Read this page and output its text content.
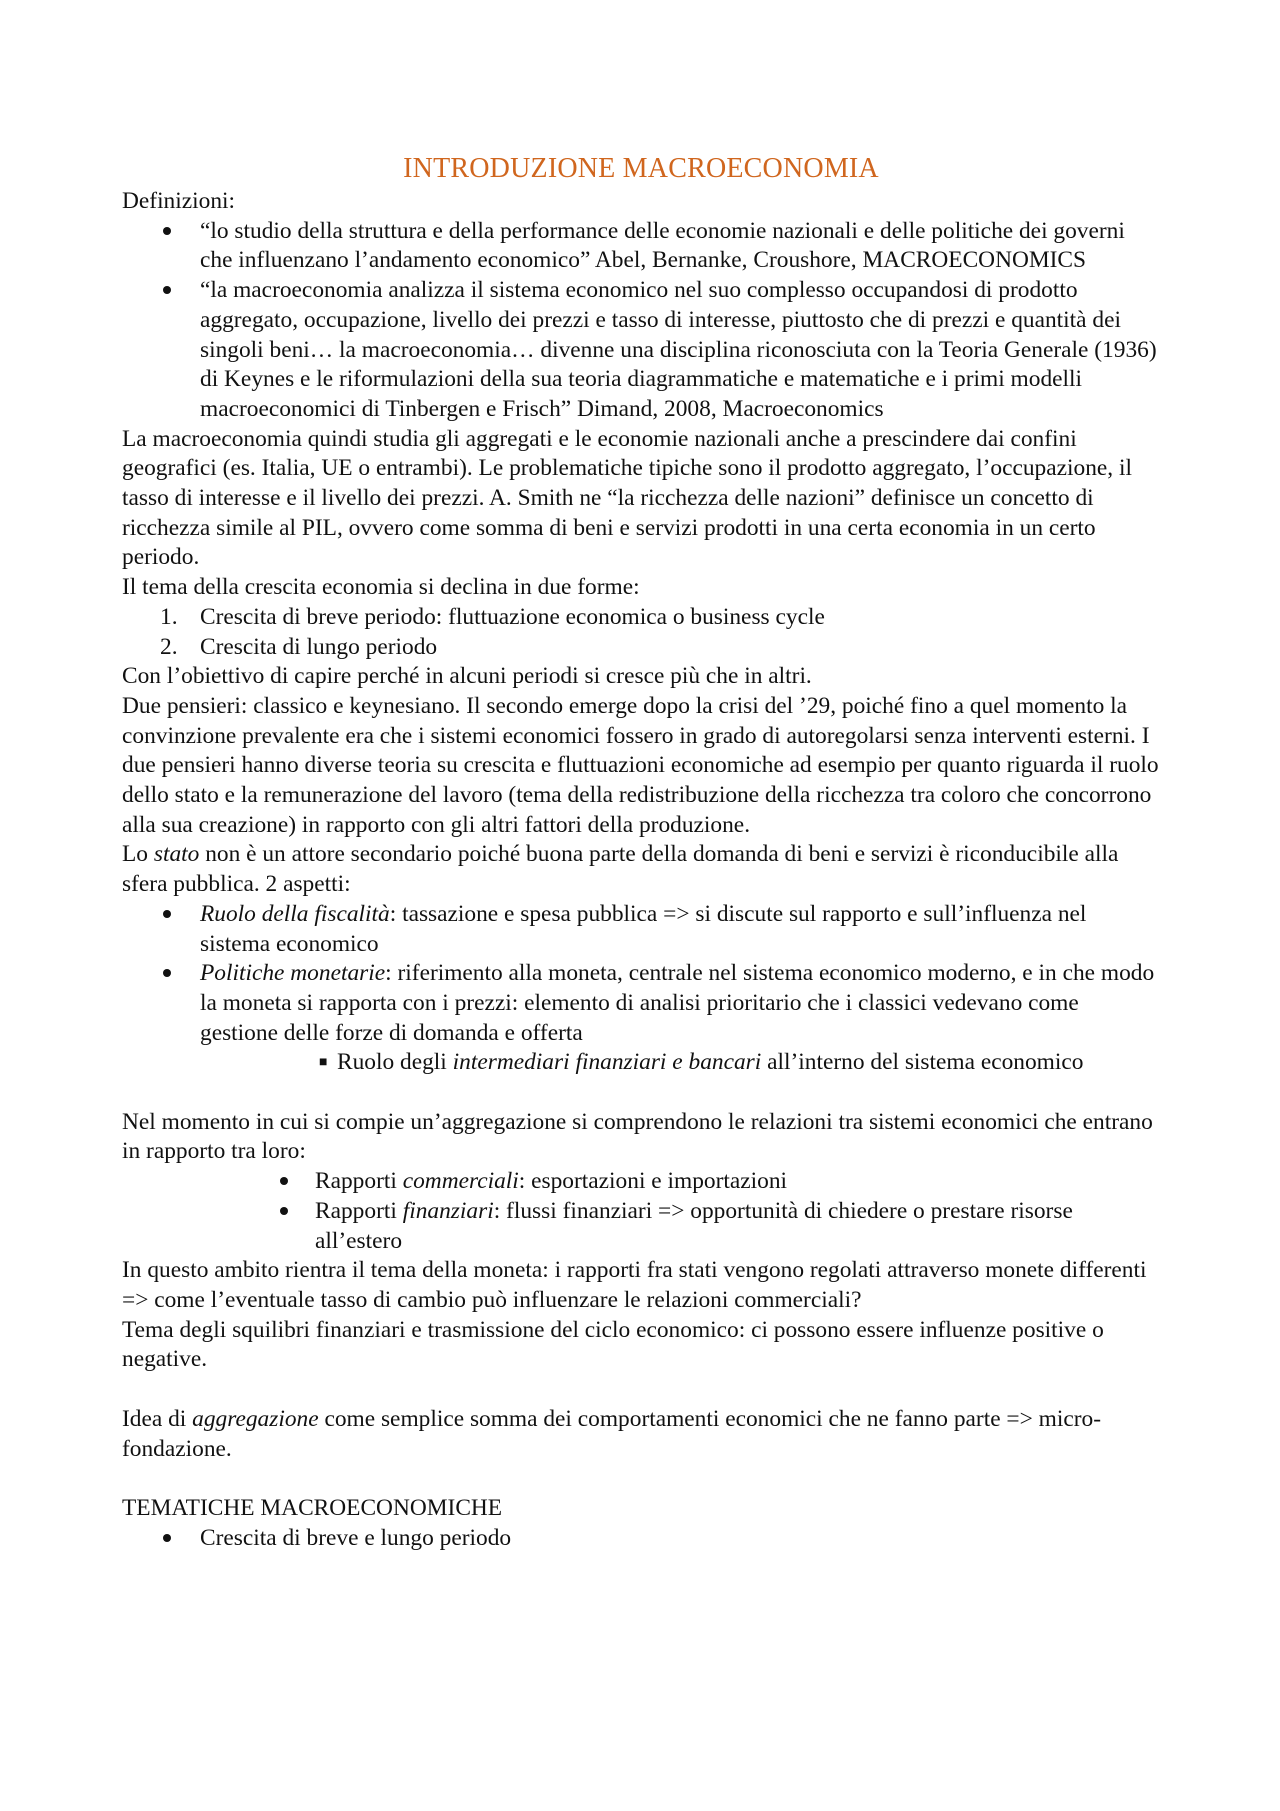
INTRODUZIONE MACROECONOMIA

Definizioni:

“lo studio della struttura e della performance delle economie nazionali e delle politiche dei governi che influenzano l’andamento economico” Abel, Bernanke, Croushore, MACROECONOMICS
“la macroeconomia analizza il sistema economico nel suo complesso occupandosi di prodotto aggregato, occupazione, livello dei prezzi e tasso di interesse, piuttosto che di prezzi e quantità dei singoli beni… la macroeconomia… divenne una disciplina riconosciuta con la Teoria Generale (1936) di Keynes e le riformulazioni della sua teoria diagrammatiche e matematiche e i primi modelli macroeconomici di Tinbergen e Frisch” Dimand, 2008, Macroeconomics

La macroeconomia quindi studia gli aggregati e le economie nazionali anche a prescindere dai confini geografici (es. Italia, UE o entrambi). Le problematiche tipiche sono il prodotto aggregato, l’occupazione, il tasso di interesse e il livello dei prezzi. A. Smith ne “la ricchezza delle nazioni” definisce un concetto di ricchezza simile al PIL, ovvero come somma di beni e servizi prodotti in una certa economia in un certo periodo.

Il tema della crescita economia si declina in due forme:

1. Crescita di breve periodo: fluttuazione economica o business cycle
2. Crescita di lungo periodo

Con l’obiettivo di capire perché in alcuni periodi si cresce più che in altri.

Due pensieri: classico e keynesiano. Il secondo emerge dopo la crisi del ’29, poiché fino a quel momento la convinzione prevalente era che i sistemi economici fossero in grado di autoregolarsi senza interventi esterni. I due pensieri hanno diverse teoria su crescita e fluttuazioni economiche ad esempio per quanto riguarda il ruolo dello stato e la remunerazione del lavoro (tema della redistribuzione della ricchezza tra coloro che concorrono alla sua creazione) in rapporto con gli altri fattori della produzione.

Lo stato non è un attore secondario poiché buona parte della domanda di beni e servizi è riconducibile alla sfera pubblica. 2 aspetti:

Ruolo della fiscalità: tassazione e spesa pubblica => si discute sul rapporto e sull’influenza nel sistema economico
Politiche monetarie: riferimento alla moneta, centrale nel sistema economico moderno, e in che modo la moneta si rapporta con i prezzi: elemento di analisi prioritario che i classici vedevano come gestione delle forze di domanda e offerta
■ Ruolo degli intermediari finanziari e bancari all’interno del sistema economico

Nel momento in cui si compie un’aggregazione si comprendono le relazioni tra sistemi economici che entrano in rapporto tra loro:

Rapporti commerciali: esportazioni e importazioni
Rapporti finanziari: flussi finanziari => opportunità di chiedere o prestare risorse all’estero

In questo ambito rientra il tema della moneta: i rapporti fra stati vengono regolati attraverso monete differenti => come l’eventuale tasso di cambio può influenzare le relazioni commerciali?

Tema degli squilibri finanziari e trasmissione del ciclo economico: ci possono essere influenze positive o negative.

Idea di aggregazione come semplice somma dei comportamenti economici che ne fanno parte => micro-fondazione.

TEMATICHE MACROECONOMICHE

Crescita di breve e lungo periodo
